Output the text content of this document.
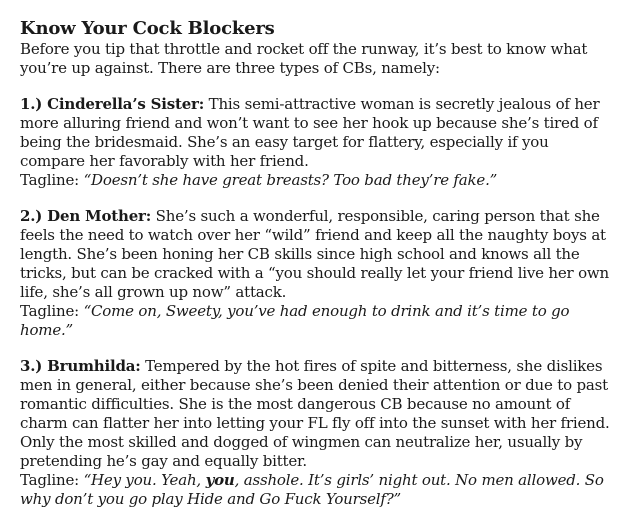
Know Your Cock Blockers

Before you tip that throttle and rocket off the runway, it’s best to know what you’re up against. There are three types of CBs, namely:

1.) Cinderella’s Sister: This semi-attractive woman is secretly jealous of her more alluring friend and won’t want to see her hook up because she’s tired of being the bridesmaid. She’s an easy target for flattery, especially if you compare her favorably with her friend.

Tagline: “Doesn’t she have great breasts? Too bad they’re fake.”

2.) Den Mother: She’s such a wonderful, responsible, caring person that she feels the need to watch over her “wild” friend and keep all the naughty boys at length. She’s been honing her CB skills since high school and knows all the tricks, but can be cracked with a “you should really let your friend live her own life, she’s all grown up now” attack.

Tagline: “Come on, Sweety, you’ve had enough to drink and it’s time to go home.”

3.) Brumhilda: Tempered by the hot fires of spite and bitterness, she dislikes men in general, either because she’s been denied their attention or due to past romantic difficulties. She is the most dangerous CB because no amount of charm can flatter her into letting your FL fly off into the sunset with her friend. Only the most skilled and dogged of wingmen can neutralize her, usually by pretending he’s gay and equally bitter.

Tagline: “Hey you. Yeah, you, asshole. It’s girls’ night out. No men allowed. So why don’t you go play Hide and Go Fuck Yourself?”
